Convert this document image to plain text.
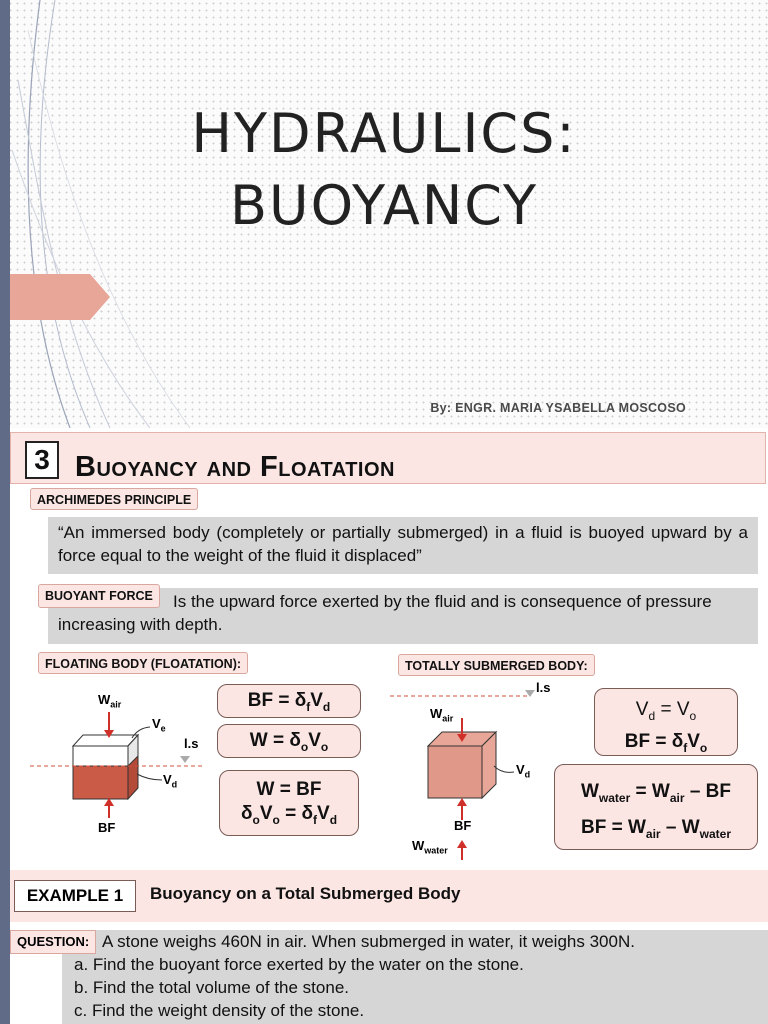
HYDRAULICS:
BUOYANCY
By: ENGR. MARIA YSABELLA MOSCOSO
3 Buoyancy and Floatation
ARCHIMEDES PRINCIPLE
“An immersed body (completely or partially submerged) in a fluid is buoyed upward by a force equal to the weight of the fluid it displaced”
Is the upward force exerted by the fluid and is consequence of pressure increasing with depth.
BUOYANT FORCE
FLOATING BODY (FLOATATION):	TOTALLY SUBMERGED BODY:
$W_{air}$
$V_e$
l.s
$V_d$
BF
BF = $\delta_fV_d$
$W = \delta_oV_o$
W = BF
$\delta_oV_o = \delta_fV_d$
l.s
$W_{air}$
$V_d$
BF
$W_{water}$
$V_d = V_o$
BF = $\delta_fV_o$
$W_{water} = W_{air}$ – BF
BF = $W_{air} - W_{water}$
EXAMPLE 1	Buoyancy on a Total Submerged Body
A stone weighs 460N in air. When submerged in water, it weighs 300N.
a. Find the buoyant force exerted by the water on the stone.
b. Find the total volume of the stone.
c. Find the weight density of the stone.
QUESTION:
